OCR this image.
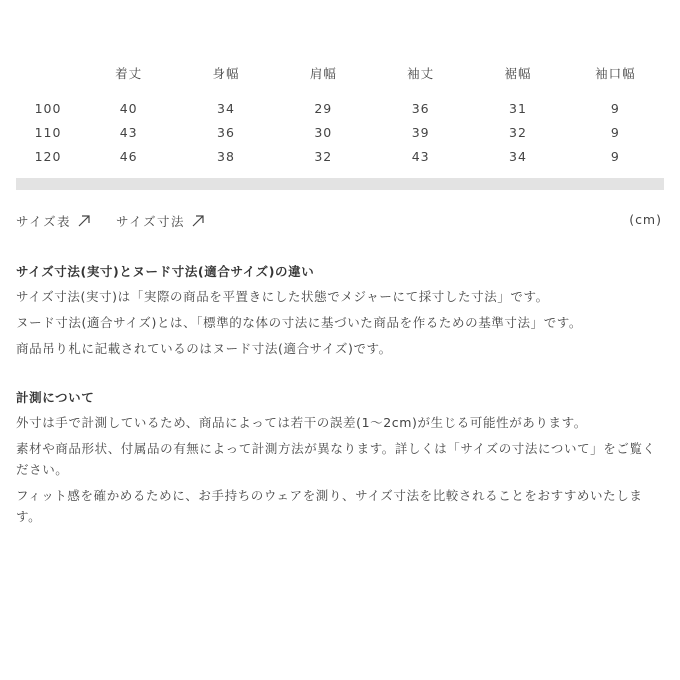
	着丈	身幅	肩幅	袖丈	裾幅	袖口幅

100	40	34	29	36	31	9
110	43	36	30	39	32	9
120	46	38	32	43	34	9
サイズ表	サイズ寸法	(cm)
サイズ寸法(実寸)とヌード寸法(適合サイズ)の違い

サイズ寸法(実寸)は「実際の商品を平置きにした状態でメジャーにて採寸した寸法」です。

ヌード寸法(適合サイズ)とは、「標準的な体の寸法に基づいた商品を作るための基準寸法」です。

商品吊り札に記載されているのはヌード寸法(適合サイズ)です。

計測について

外寸は手で計測しているため、商品によっては若干の誤差(1〜2cm)が生じる可能性があります。

素材や商品形状、付属品の有無によって計測方法が異なります。詳しくは「サイズの寸法について」をご覧ください。

フィット感を確かめるために、お手持ちのウェアを測り、サイズ寸法を比較されることをおすすめいたします。
